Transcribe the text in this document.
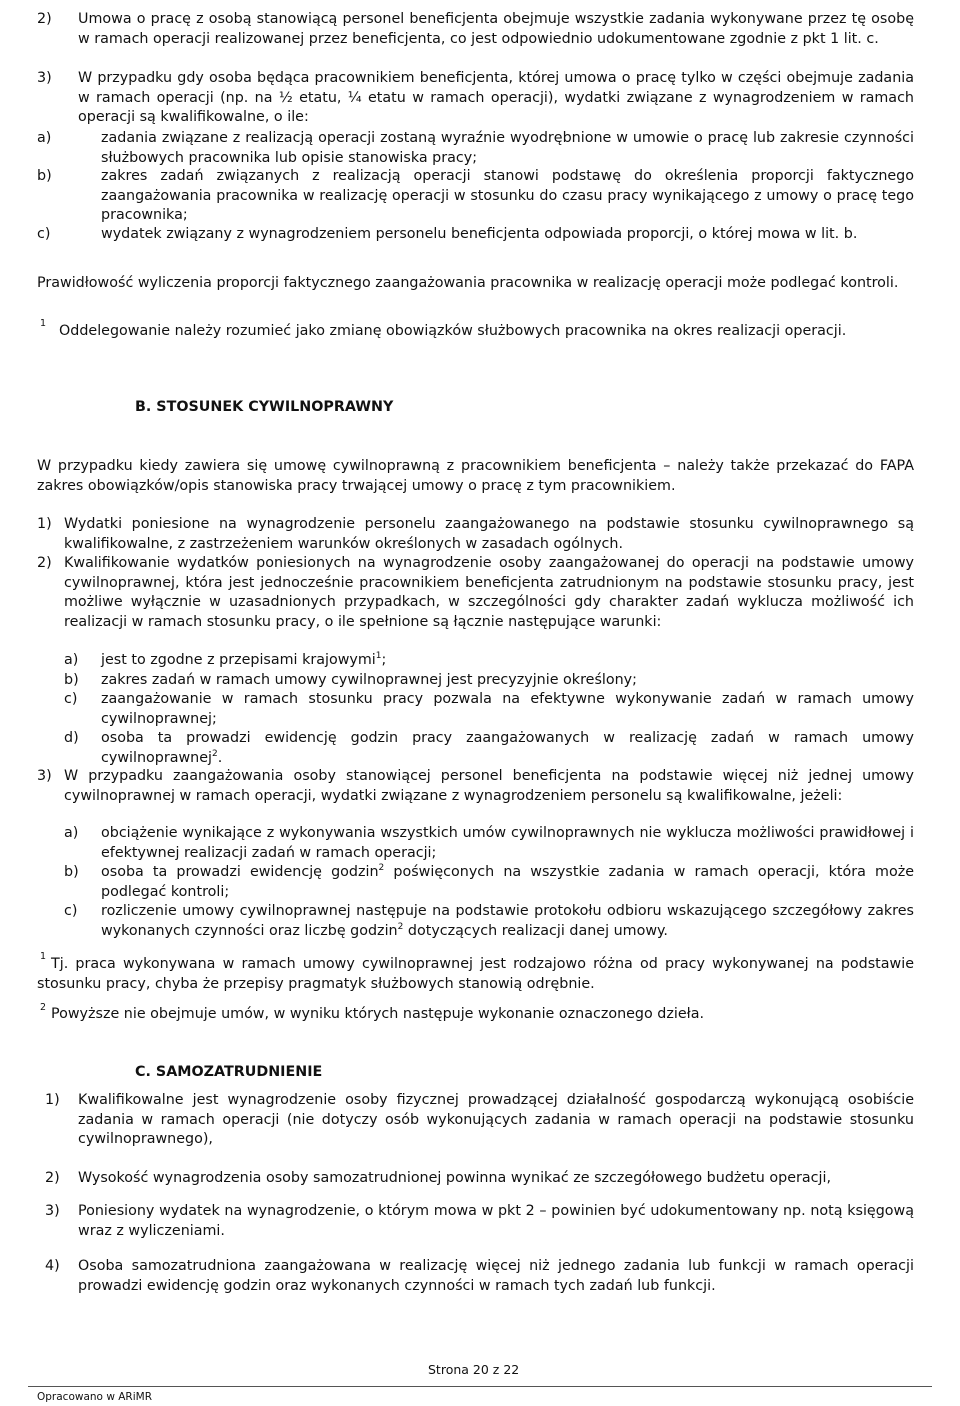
2) Umowa o pracę z osobą stanowiącą personel beneficjenta obejmuje wszystkie zadania wykonywane przez tę osobę w ramach operacji realizowanej przez beneficjenta, co jest odpowiednio udokumentowane zgodnie z pkt 1 lit. c.
3) W przypadku gdy osoba będąca pracownikiem beneficjenta, której umowa o pracę tylko w części obejmuje zadania w ramach operacji (np. na ½ etatu, ¼ etatu w ramach operacji), wydatki związane z wynagrodzeniem w ramach operacji są kwalifikowalne, o ile:
a)	zadania związane z realizacją operacji zostaną wyraźnie wyodrębnione w umowie o pracę lub zakresie czynności służbowych pracownika lub opisie stanowiska pracy;
b)	zakres zadań związanych z realizacją operacji stanowi podstawę do określenia proporcji faktycznego zaangażowania pracownika w realizację operacji w stosunku do czasu pracy wynikającego z umowy o pracę tego pracownika;
c)	wydatek związany z wynagrodzeniem personelu beneficjenta odpowiada proporcji, o której mowa w lit. b.
Prawidłowość wyliczenia proporcji faktycznego zaangażowania pracownika w realizację operacji może podlegać kontroli.
1 Oddelegowanie należy rozumieć jako zmianę obowiązków służbowych pracownika na okres realizacji operacji.
B. STOSUNEK CYWILNOPRAWNY
W przypadku kiedy zawiera się umowę cywilnoprawną z pracownikiem beneficjenta – należy także przekazać do FAPA zakres obowiązków/opis stanowiska pracy trwającej umowy o pracę z tym pracownikiem.
1) Wydatki poniesione na wynagrodzenie personelu zaangażowanego na podstawie stosunku cywilnoprawnego są kwalifikowalne, z zastrzeżeniem warunków określonych w zasadach ogólnych.
2) Kwalifikowanie wydatków poniesionych na wynagrodzenie osoby zaangażowanej do operacji na podstawie umowy cywilnoprawnej, która jest jednocześnie pracownikiem beneficjenta zatrudnionym na podstawie stosunku pracy, jest możliwe wyłącznie w uzasadnionych przypadkach, w szczególności gdy charakter zadań wyklucza możliwość ich realizacji w ramach stosunku pracy, o ile spełnione są łącznie następujące warunki:
a) jest to zgodne z przepisami krajowymi$^1$;
b) zakres zadań w ramach umowy cywilnoprawnej jest precyzyjnie określony;
c) zaangażowanie w ramach stosunku pracy pozwala na efektywne wykonywanie zadań w ramach umowy cywilnoprawnej;
d) osoba ta prowadzi ewidencję godzin pracy zaangażowanych w realizację zadań w ramach umowy cywilnoprawnej$^2$.
3) W przypadku zaangażowania osoby stanowiącej personel beneficjenta na podstawie więcej niż jednej umowy cywilnoprawnej w ramach operacji, wydatki związane z wynagrodzeniem personelu są kwalifikowalne, jeżeli:
a) obciążenie wynikające z wykonywania wszystkich umów cywilnoprawnych nie wyklucza możliwości prawidłowej i efektywnej realizacji zadań w ramach operacji;
b) osoba ta prowadzi ewidencję godzin$^2$ poświęconych na wszystkie zadania w ramach operacji, która może podlegać kontroli;
c) rozliczenie umowy cywilnoprawnej następuje na podstawie protokołu odbioru wskazującego szczegółowy zakres wykonanych czynności oraz liczbę godzin$^2$ dotyczących realizacji danej umowy.
1 Tj. praca wykonywana w ramach umowy cywilnoprawnej jest rodzajowo różna od pracy wykonywanej na podstawie stosunku pracy, chyba że przepisy pragmatyk służbowych stanowią odrębnie.
2 Powyższe nie obejmuje umów, w wyniku których następuje wykonanie oznaczonego dzieła.
C. SAMOZATRUDNIENIE
1) Kwalifikowalne jest wynagrodzenie osoby fizycznej prowadzącej działalność gospodarczą wykonującą osobiście zadania w ramach operacji (nie dotyczy osób wykonujących zadania w ramach operacji na podstawie stosunku cywilnoprawnego),
2) Wysokość wynagrodzenia osoby samozatrudnionej powinna wynikać ze szczegółowego budżetu operacji,
3) Poniesiony wydatek na wynagrodzenie, o którym mowa w pkt 2 – powinien być udokumentowany np. notą księgową wraz z wyliczeniami.
4) Osoba samozatrudniona zaangażowana w realizację więcej niż jednego zadania lub funkcji w ramach operacji prowadzi ewidencję godzin oraz wykonanych czynności w ramach tych zadań lub funkcji.
Strona 20 z 22
Opracowano w ARiMR
